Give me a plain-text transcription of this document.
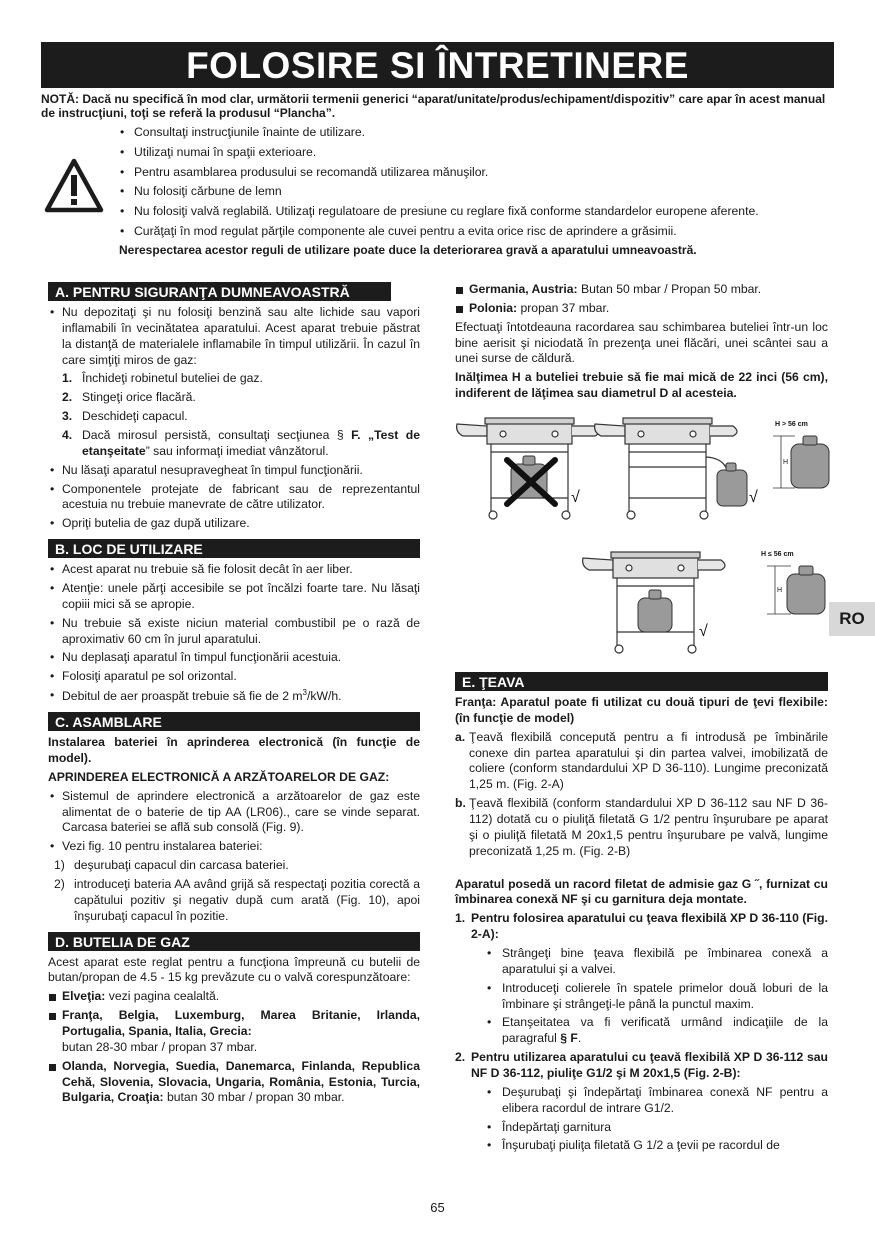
FOLOSIRE SI ÎNTRETINERE
NOTĂ: Dacă nu specifică în mod clar, următorii termenii generici “aparat/unitate/produs/echipament/dispozitiv” care apar în acest manual de instrucţiuni, toţi se referă la produsul “Plancha”.
• Consultaţi instrucţiunile înainte de utilizare.
• Utilizaţi numai în spaţii exterioare.
• Pentru asamblarea produsului se recomandă utilizarea mănuşilor.
• Nu folosiţi cărbune de lemn
• Nu folosiţi valvă reglabilă. Utilizaţi regulatoare de presiune cu reglare fixă conforme standardelor europene aferente.
• Curăţaţi în mod regulat părţile componente ale cuvei pentru a evita orice risc de aprindere a grăsimii.
Nerespectarea acestor reguli de utilizare poate duce la deteriorarea gravă a aparatului umneavoastră.
A. PENTRU SIGURANŢA DUMNEAVOASTRĂ
• Nu depozitaţi şi nu folosiţi benzină sau alte lichide sau vapori inflamabili în vecinătatea aparatului. Acest aparat trebuie păstrat la distanţă de materialele inflamabile în timpul utilizării. În cazul în care simţiţi miros de gaz:
1. Închideţi robinetul buteliei de gaz.
2. Stingeţi orice flacără.
3. Deschideţi capacul.
4. Dacă mirosul persistă, consultaţi secţiunea § F. „Test de etanşeitate” sau informaţi imediat vânzătorul.
• Nu lăsaţi aparatul nesupravegheat în timpul funcţionării.
• Componentele protejate de fabricant sau de reprezentantul acestuia nu trebuie manevrate de către utilizator.
• Opriţi butelia de gaz după utilizare.
B. LOC DE UTILIZARE
• Acest aparat nu trebuie să fie folosit decât în aer liber.
• Atenţie: unele părţi accesibile se pot încălzi foarte tare. Nu lăsaţi copiii mici să se apropie.
• Nu trebuie să existe niciun material combustibil pe o rază de aproximativ 60 cm în jurul aparatului.
• Nu deplasaţi aparatul în timpul funcţionării acestuia.
• Folosiţi aparatul pe sol orizontal.
• Debitul de aer proaspăt trebuie să fie de 2 $m^3/kW/h$.
C. ASAMBLARE

Instalarea bateriei în aprinderea electronică (în funcţie de model).

APRINDEREA ELECTRONICĂ A ARZĂTOARELOR DE GAZ:

• Sistemul de aprindere electronică a arzătoarelor de gaz este alimentat de o baterie de tip AA (LR06)., care se vinde separat. Carcasa bateriei se află sub consolă (Fig. 9).
• Vezi fig. 10 pentru instalarea bateriei:
1) deşurubaţi capacul din carcasa bateriei.
2) introduceţi bateria AA având grijă să respectaţi pozitia corectă a capătului pozitiv şi negativ după cum arată (Fig. 10), apoi înşurubaţi capacul în pozitie.
D. BUTELIA DE GAZ

Acest aparat este reglat pentru a funcţiona împreună cu butelii de butan/propan de 4.5 - 15 kg prevăzute cu o valvă corespunzătoare:

Elveţia: vezi pagina cealaltă.
Franţa, Belgia, Luxemburg, Marea Britanie, Irlanda, Portugalia, Spania, Italia, Grecia:
butan 28-30 mbar / propan 37 mbar.
Olanda, Norvegia, Suedia, Danemarca, Finlanda, Republica Cehă, Slovenia, Slovacia, Ungaria, România, Estonia, Turcia, Bulgaria, Croaţia: butan 30 mbar / propan 30 mbar.
Germania, Austria: Butan 50 mbar / Propan 50 mbar.
Polonia: propan 37 mbar.

Efectuaţi întotdeauna racordarea sau schimbarea buteliei într-un loc bine aerisit şi niciodată în prezenţa unei flăcări, unei scântei sau a unei surse de căldură.

Inălţimea H a buteliei trebuie să fie mai mică de 22 inci (56 cm), indiferent de lăţimea sau diametrul D al acesteia.

√	√
H > 56 cm
H
√
H ≤ 56 cm
H
RO
E. ŢEAVA

Franţa: Aparatul poate fi utilizat cu două tipuri de ţevi flexibile: (în funcţie de model)

a. Ţeavă flexibilă concepută pentru a fi introdusă pe îmbinările conexe din partea aparatului şi din partea valvei, imobilizată de coliere (conform standardului XP D 36-110). Lungime preconizată 1,25 m. (Fig. 2-A)
b. Ţeavă flexibilă (conform standardului XP D 36-112 sau NF D 36-112) dotată cu o piuliţă filetată G 1/2 pentru înşurubare pe aparat şi o piuliţă filetată M 20x1,5 pentru înşurubare pe valvă, lungime preconizată 1,25 m. (Fig. 2-B)

Aparatul posedă un racord filetat de admisie gaz G ˝, furnizat cu îmbinarea conexă NF şi cu garnitura deja montate.

1. Pentru folosirea aparatului cu ţeava flexibilă XP D 36-110 (Fig. 2-A):
• Strângeţi bine ţeava flexibilă pe îmbinarea conexă a aparatului şi a valvei.
• Introduceţi colierele în spatele primelor două loburi de la îmbinare şi strângeţi-le până la punctul maxim.
• Etanşeitatea va fi verificată urmând indicaţiile de la paragraful § F.
2. Pentru utilizarea aparatului cu ţeavă flexibilă XP D 36-112 sau NF D 36-112, piuliţe G1/2 şi M 20x1,5 (Fig. 2-B):
• Deşurubaţi şi îndepărtaţi îmbinarea conexă NF pentru a elibera racordul de intrare G1/2.
• Îndepărtaţi garnitura
• Înşurubaţi piuliţa filetată G 1/2 a ţevii pe racordul de
65
